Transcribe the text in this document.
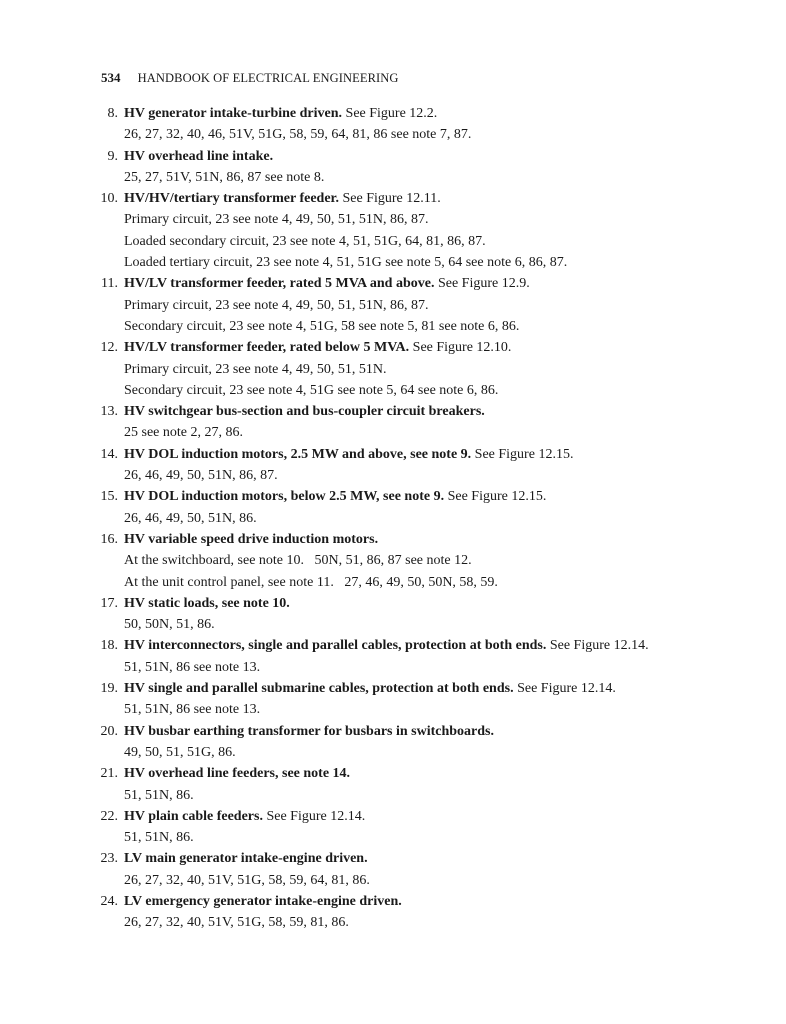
534 HANDBOOK OF ELECTRICAL ENGINEERING
8. HV generator intake-turbine driven. See Figure 12.2.
26, 27, 32, 40, 46, 51V, 51G, 58, 59, 64, 81, 86 see note 7, 87.
9. HV overhead line intake.
25, 27, 51V, 51N, 86, 87 see note 8.
10. HV/HV/tertiary transformer feeder. See Figure 12.11.
Primary circuit, 23 see note 4, 49, 50, 51, 51N, 86, 87.
Loaded secondary circuit, 23 see note 4, 51, 51G, 64, 81, 86, 87.
Loaded tertiary circuit, 23 see note 4, 51, 51G see note 5, 64 see note 6, 86, 87.
11. HV/LV transformer feeder, rated 5 MVA and above. See Figure 12.9.
Primary circuit, 23 see note 4, 49, 50, 51, 51N, 86, 87.
Secondary circuit, 23 see note 4, 51G, 58 see note 5, 81 see note 6, 86.
12. HV/LV transformer feeder, rated below 5 MVA. See Figure 12.10.
Primary circuit, 23 see note 4, 49, 50, 51, 51N.
Secondary circuit, 23 see note 4, 51G see note 5, 64 see note 6, 86.
13. HV switchgear bus-section and bus-coupler circuit breakers.
25 see note 2, 27, 86.
14. HV DOL induction motors, 2.5 MW and above, see note 9. See Figure 12.15.
26, 46, 49, 50, 51N, 86, 87.
15. HV DOL induction motors, below 2.5 MW, see note 9. See Figure 12.15.
26, 46, 49, 50, 51N, 86.
16. HV variable speed drive induction motors.
At the switchboard, see note 10.   50N, 51, 86, 87 see note 12.
At the unit control panel, see note 11.   27, 46, 49, 50, 50N, 58, 59.
17. HV static loads, see note 10.
50, 50N, 51, 86.
18. HV interconnectors, single and parallel cables, protection at both ends. See Figure 12.14.
51, 51N, 86 see note 13.
19. HV single and parallel submarine cables, protection at both ends. See Figure 12.14.
51, 51N, 86 see note 13.
20. HV busbar earthing transformer for busbars in switchboards.
49, 50, 51, 51G, 86.
21. HV overhead line feeders, see note 14.
51, 51N, 86.
22. HV plain cable feeders. See Figure 12.14.
51, 51N, 86.
23. LV main generator intake-engine driven.
26, 27, 32, 40, 51V, 51G, 58, 59, 64, 81, 86.
24. LV emergency generator intake-engine driven.
26, 27, 32, 40, 51V, 51G, 58, 59, 81, 86.
